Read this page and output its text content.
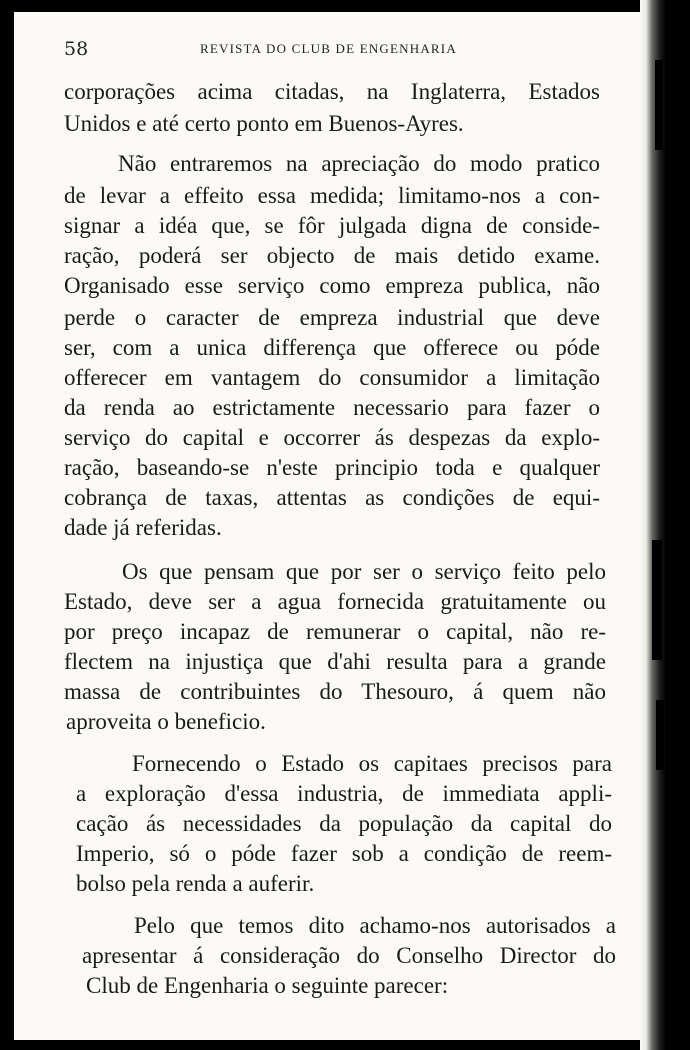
58	REVISTA DO CLUB DE ENGENHARIA
corporações acima citadas, na Inglaterra, Estados
Unidos e até certo ponto em Buenos-Ayres.
Não entraremos na apreciação do modo pratico
de levar a effeito essa medida; limitamo-nos a con-
signar a idéa que, se fôr julgada digna de conside-
ração, poderá ser objecto de mais detido exame.
Organisado esse serviço como empreza publica, não
perde o caracter de empreza industrial que deve
ser, com a unica differença que offerece ou póde
offerecer em vantagem do consumidor a limitação
da renda ao estrictamente necessario para fazer o
serviço do capital e occorrer ás despezas da explo-
ração, baseando-se n'este principio toda e qualquer
cobrança de taxas, attentas as condições de equi-
dade já referidas.
Os que pensam que por ser o serviço feito pelo
Estado, deve ser a agua fornecida gratuitamente ou
por preço incapaz de remunerar o capital, não re-
flectem na injustiça que d'ahi resulta para a grande
massa de contribuintes do Thesouro, á quem não
aproveita o beneficio.
Fornecendo o Estado os capitaes precisos para
a exploração d'essa industria, de immediata appli-
cação ás necessidades da população da capital do
Imperio, só o póde fazer sob a condição de reem-
bolso pela renda a auferir.
Pelo que temos dito achamo-nos autorisados a
apresentar á consideração do Conselho Director do
Club de Engenharia o seguinte parecer:
